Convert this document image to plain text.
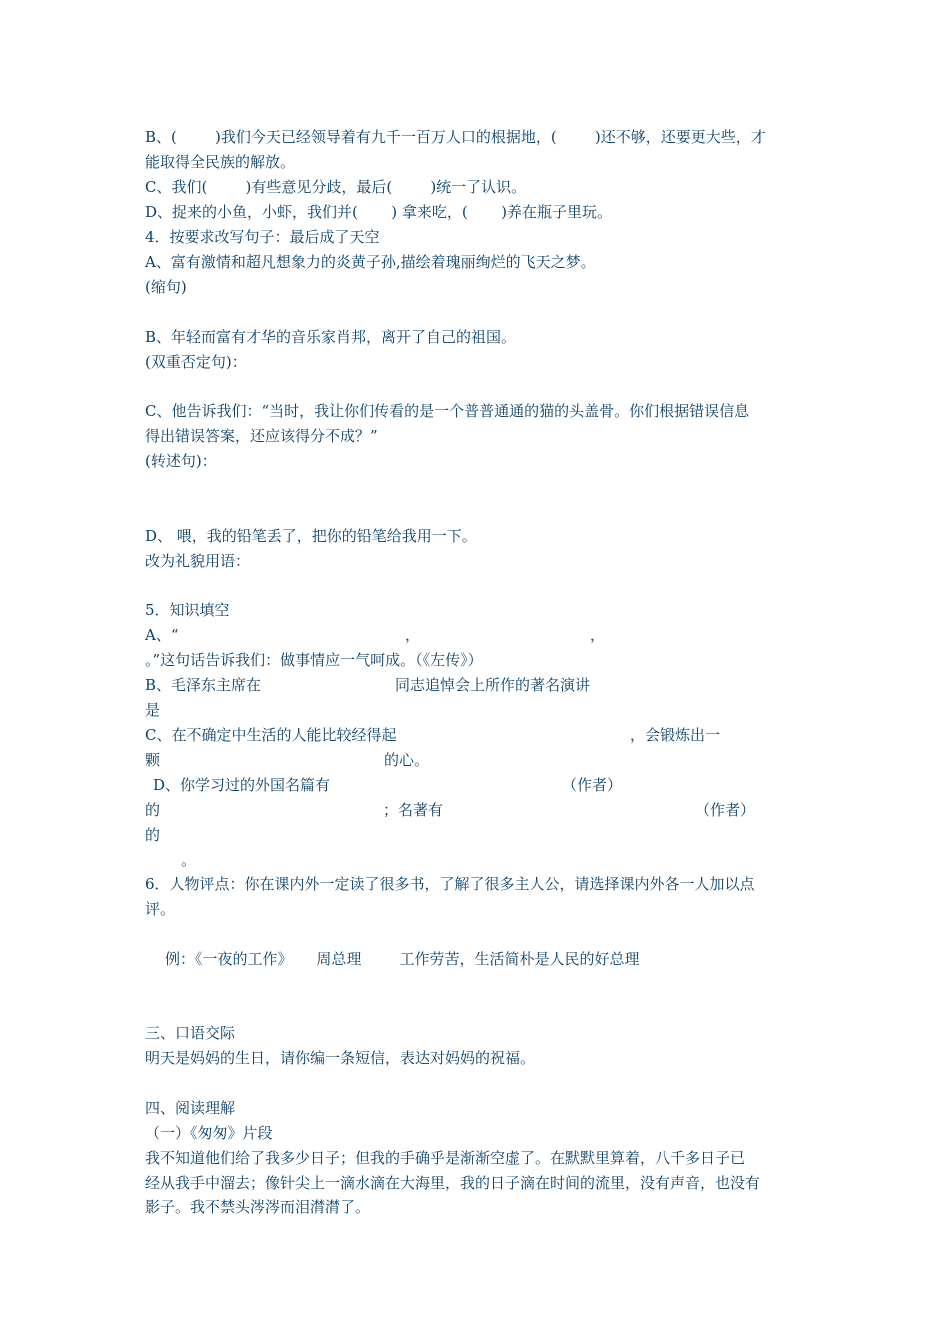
B、(        )我们今天已经领导着有九千一百万人口的根据地，(        )还不够，还要更大些，才
能取得全民族的解放。
C、我们(        )有些意见分歧，最后(        )统一了认识。
D、捉来的小鱼，小虾，我们并(       ) 拿来吃，(       )养在瓶子里玩。
4．按要求改写句子：最后成了天空
A、富有激情和超凡想象力的炎黄子孙,描绘着瑰丽绚烂的飞天之梦。
(缩句)
B、年轻而富有才华的音乐家肖邦，离开了自己的祖国。
(双重否定句)：
C、他告诉我们：“当时，我让你们传看的是一个普普通通的猫的头盖骨。你们根据错误信息
得出错误答案，还应该得分不成？”
(转述句)：
D、 喂，我的铅笔丢了，把你的铅笔给我用一下。
改为礼貌用语：
5．知识填空
A、“	，	，
。”这句话告诉我们：做事情应一气呵成。（《左传》）
B、毛泽东主席在	同志追悼会上所作的著名演讲
是
C、在不确定中生活的人能比较经得起	，会锻炼出一
颗	的心。
D、你学习过的外国名篇有	（作者）
的	；名著有	（作者）
的
。
6．人物评点：你在课内外一定读了很多书，了解了很多主人公，请选择课内外各一人加以点
评。
例：《一夜的工作》     周总理        工作劳苦，生活简朴是人民的好总理
三、口语交际
明天是妈妈的生日，请你编一条短信，表达对妈妈的祝福。
四、阅读理解
（一）《匆匆》片段
我不知道他们给了我多少日子；但我的手确乎是渐渐空虚了。在默默里算着，八千多日子已
经从我手中溜去；像针尖上一滴水滴在大海里，我的日子滴在时间的流里，没有声音，也没有
影子。我不禁头涔涔而泪潸潸了。
